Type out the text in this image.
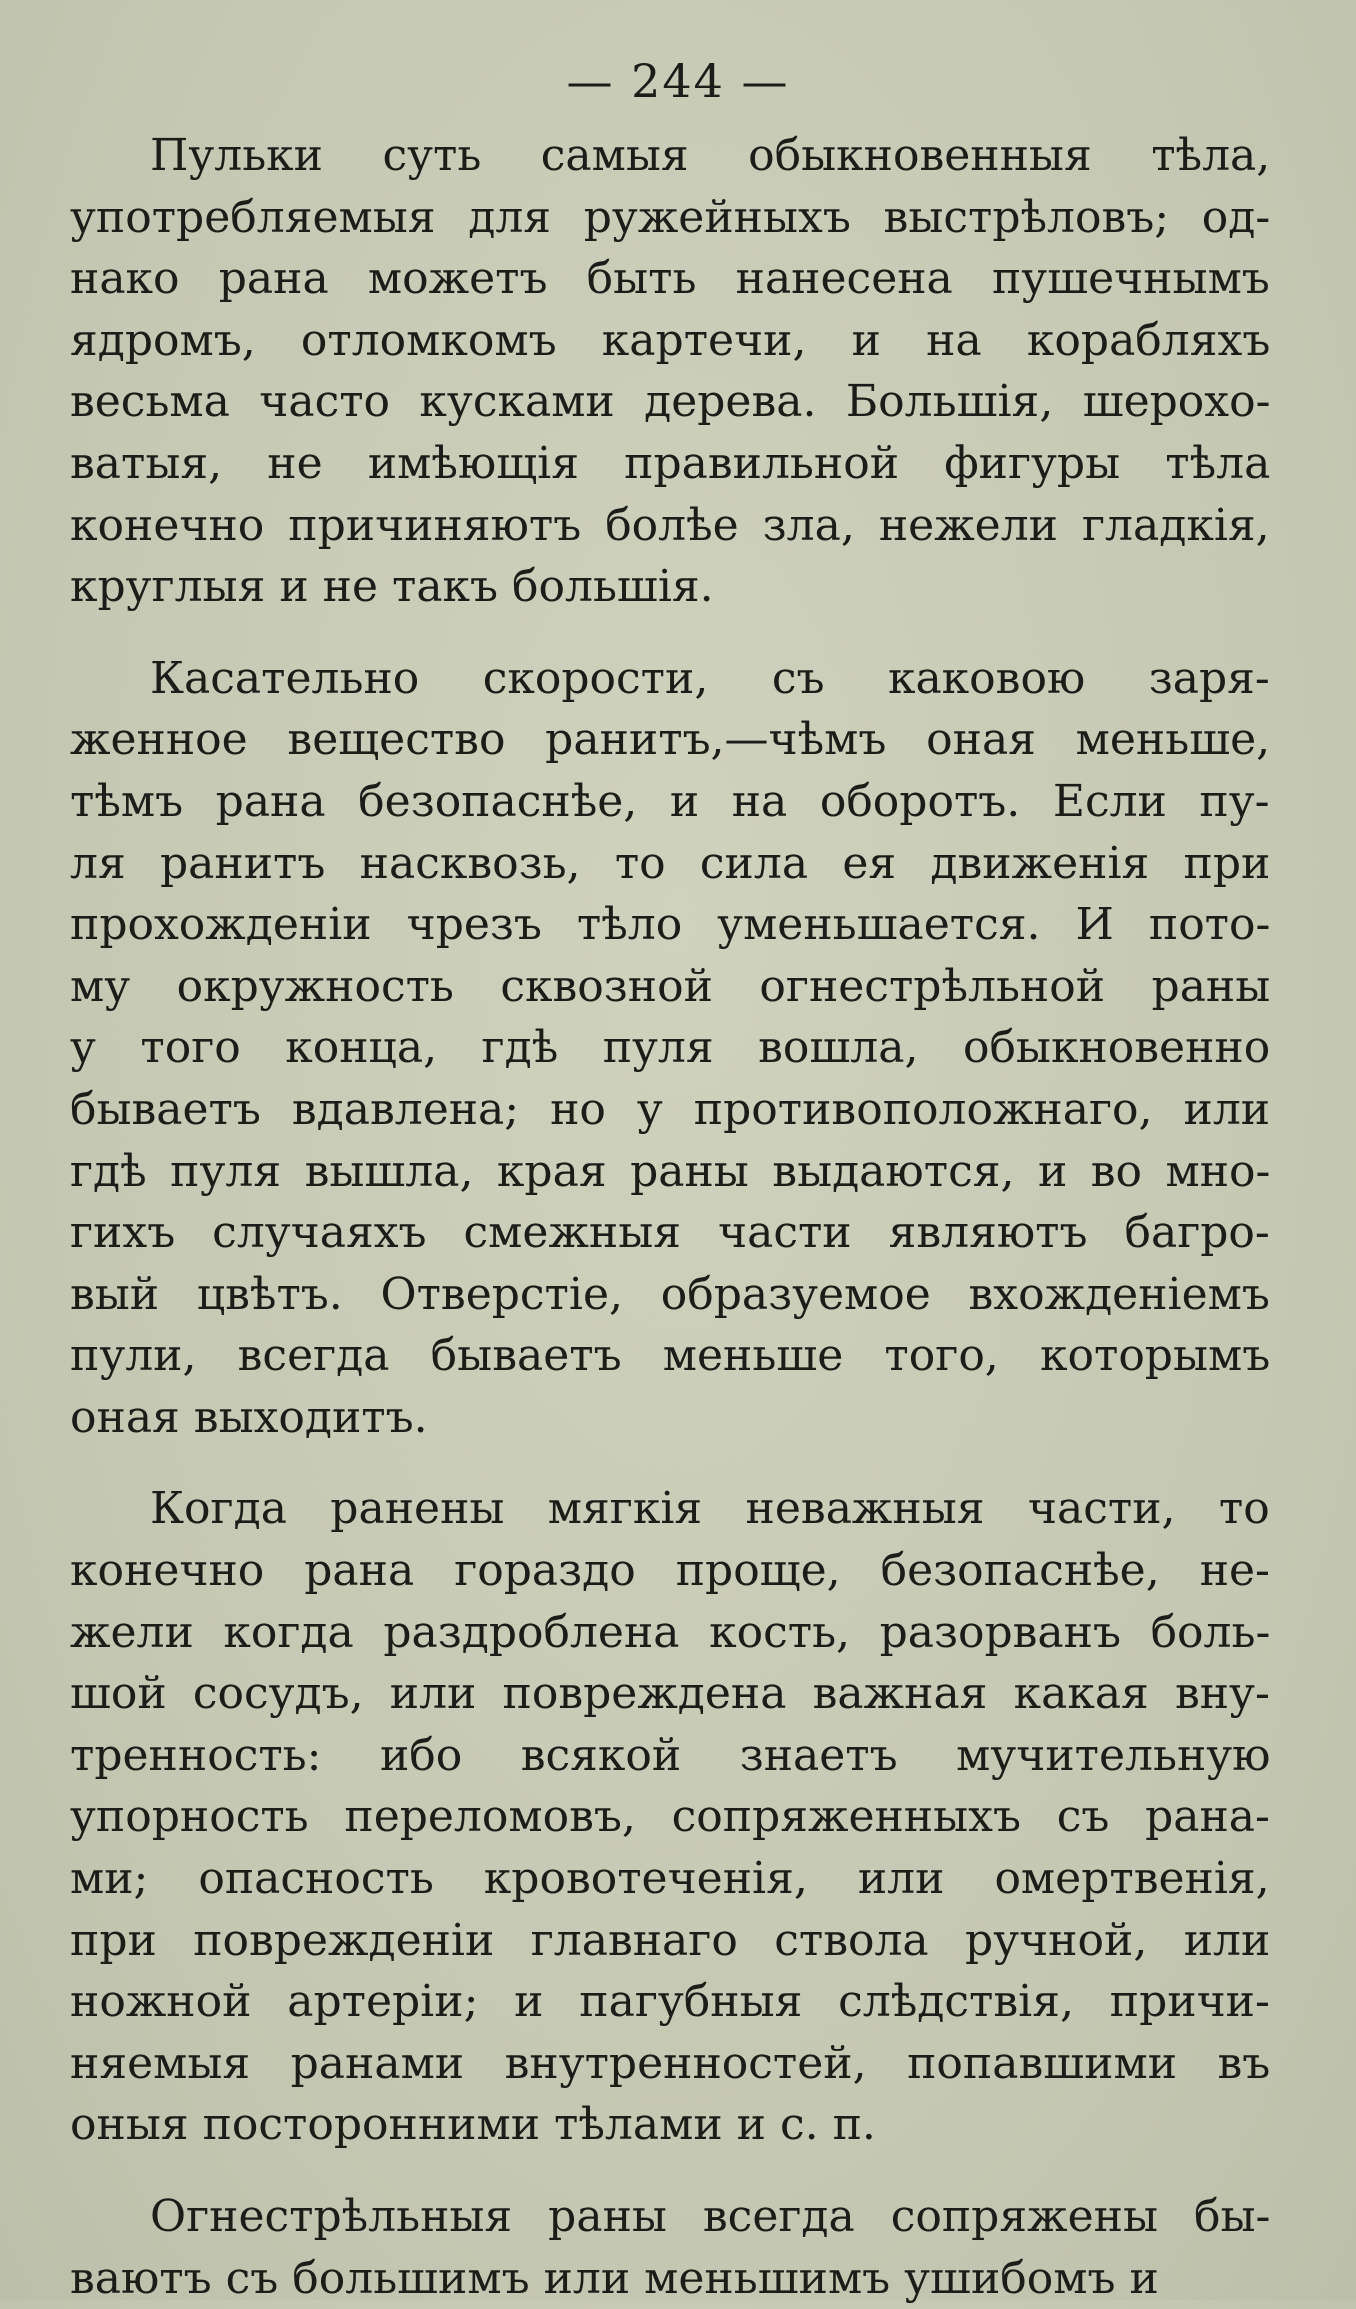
— 244 —

Пульки суть самыя обыкновенныя тѣла,
употребляемыя для ружейныхъ выстрѣловъ; од-
нако рана можетъ быть нанесена пушечнымъ
ядромъ, отломкомъ картечи, и на корабляхъ
весьма часто кусками дерева. Большія, шерохо-
ватыя, не имѣющія правильной фигуры тѣла
конечно причиняютъ болѣе зла, нежели гладкія,
круглыя и не такъ большія.

Касательно скорости, съ каковою заря-
женное вещество ранитъ,—чѣмъ оная меньше,
тѣмъ рана безопаснѣе, и на оборотъ. Если пу-
ля ранитъ насквозь, то сила ея движенія при
прохожденіи чрезъ тѣло уменьшается. И пото-
му окружность сквозной огнестрѣльной раны
у того конца, гдѣ пуля вошла, обыкновенно
бываетъ вдавлена; но у противоположнаго, или
гдѣ пуля вышла, края раны выдаются, и во мно-
гихъ случаяхъ смежныя части являютъ багро-
вый цвѣтъ. Отверстіе, образуемое вхожденіемъ
пули, всегда бываетъ меньше того, которымъ
оная выходитъ.

Когда ранены мягкія неважныя части, то
конечно рана гораздо проще, безопаснѣе, не-
жели когда раздроблена кость, разорванъ боль-
шой сосудъ, или повреждена важная какая вну-
тренность: ибо всякой знаетъ мучительную
упорность переломовъ, сопряженныхъ съ рана-
ми; опасность кровотеченія, или омертвенія,
при поврежденіи главнаго ствола ручной, или
ножной артеріи; и пагубныя слѣдствія, причи-
няемыя ранами внутренностей, попавшими въ
оныя посторонними тѣлами и с. п.

Огнестрѣльныя раны всегда сопряжены бы-
ваютъ съ большимъ или меньшимъ ушибомъ и
